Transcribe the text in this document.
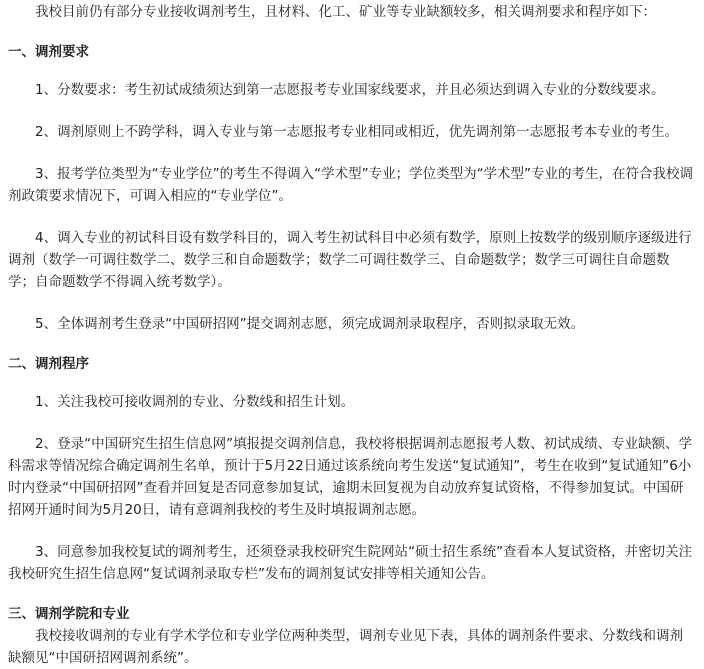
我校目前仍有部分专业接收调剂考生，且材料、化工、矿业等专业缺额较多，相关调剂要求和程序如下：

一、调剂要求

1、分数要求：考生初试成绩须达到第一志愿报考专业国家线要求，并且必须达到调入专业的分数线要求。

2、调剂原则上不跨学科，调入专业与第一志愿报考专业相同或相近，优先调剂第一志愿报考本专业的考生。

3、报考学位类型为“专业学位”的考生不得调入“学术型”专业；学位类型为“学术型”专业的考生，在符合我校调剂政策要求情况下，可调入相应的“专业学位”。

4、调入专业的初试科目设有数学科目的，调入考生初试科目中必须有数学，原则上按数学的级别顺序逐级进行调剂（数学一可调往数学二、数学三和自命题数学；数学二可调往数学三、自命题数学；数学三可调往自命题数学；自命题数学不得调入统考数学）。

5、全体调剂考生登录“中国研招网”提交调剂志愿，须完成调剂录取程序，否则拟录取无效。

二、调剂程序

1、关注我校可接收调剂的专业、分数线和招生计划。

2、登录“中国研究生招生信息网”填报提交调剂信息，我校将根据调剂志愿报考人数、初试成绩、专业缺额、学科需求等情况综合确定调剂生名单，预计于5月22日通过该系统向考生发送“复试通知”，考生在收到“复试通知”6小时内登录“中国研招网”查看并回复是否同意参加复试，逾期未回复视为自动放弃复试资格，不得参加复试。中国研招网开通时间为5月20日，请有意调剂我校的考生及时填报调剂志愿。

3、同意参加我校复试的调剂考生，还须登录我校研究生院网站“硕士招生系统”查看本人复试资格，并密切关注我校研究生招生信息网“复试调剂录取专栏”发布的调剂复试安排等相关通知公告。

三、调剂学院和专业

我校接收调剂的专业有学术学位和专业学位两种类型，调剂专业见下表，具体的调剂条件要求、分数线和调剂缺额见“中国研招网调剂系统”。
